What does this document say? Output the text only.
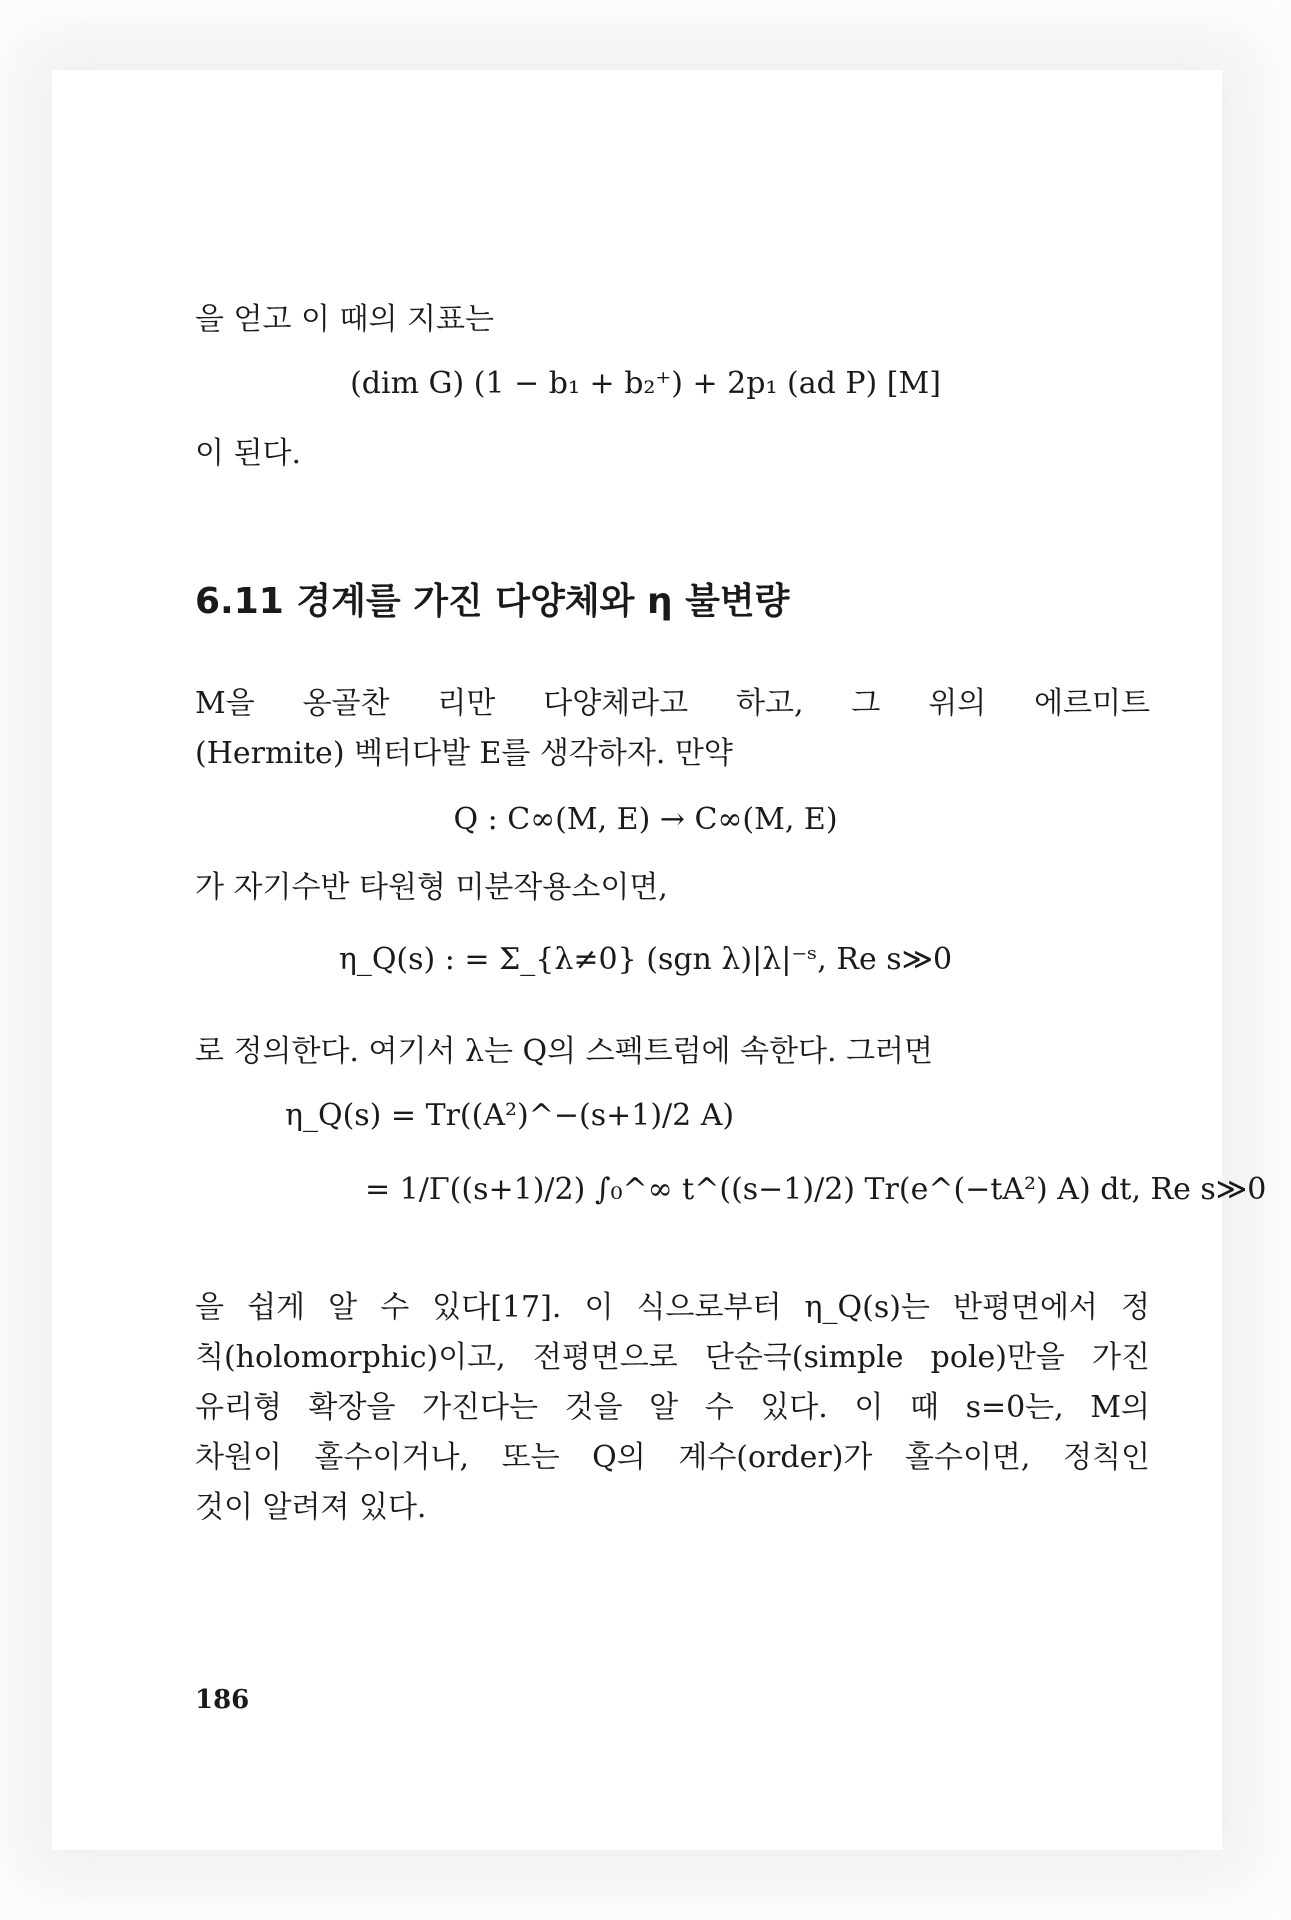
을 얻고 이 때의 지표는
(dim G) (1 − b₁ + b₂⁺) + 2p₁ (ad P) [M]
이 된다.
6.11 경계를 가진 다양체와 η 불변량
M을 옹골찬 리만 다양체라고 하고, 그 위의 에르미트
(Hermite) 벡터다발 E를 생각하자. 만약
Q : C∞(M, E) → C∞(M, E)
가 자기수반 타원형 미분작용소이면,
η_Q(s) : = Σ_{λ≠0} (sgn λ)|λ|⁻ˢ, Re s≫0
로 정의한다. 여기서 λ는 Q의 스펙트럼에 속한다. 그러면
η_Q(s) = Tr((A²)^−(s+1)/2 A)
= 1/Γ((s+1)/2) ∫₀^∞ t^((s−1)/2) Tr(e^(−tA²) A) dt, Re s≫0
을 쉽게 알 수 있다[17]. 이 식으로부터 η_Q(s)는 반평면에서 정
칙(holomorphic)이고, 전평면으로 단순극(simple pole)만을 가진
유리형 확장을 가진다는 것을 알 수 있다. 이 때 s=0는, M의
차원이 홀수이거나, 또는 Q의 계수(order)가 홀수이면, 정칙인
것이 알려져 있다.
186
